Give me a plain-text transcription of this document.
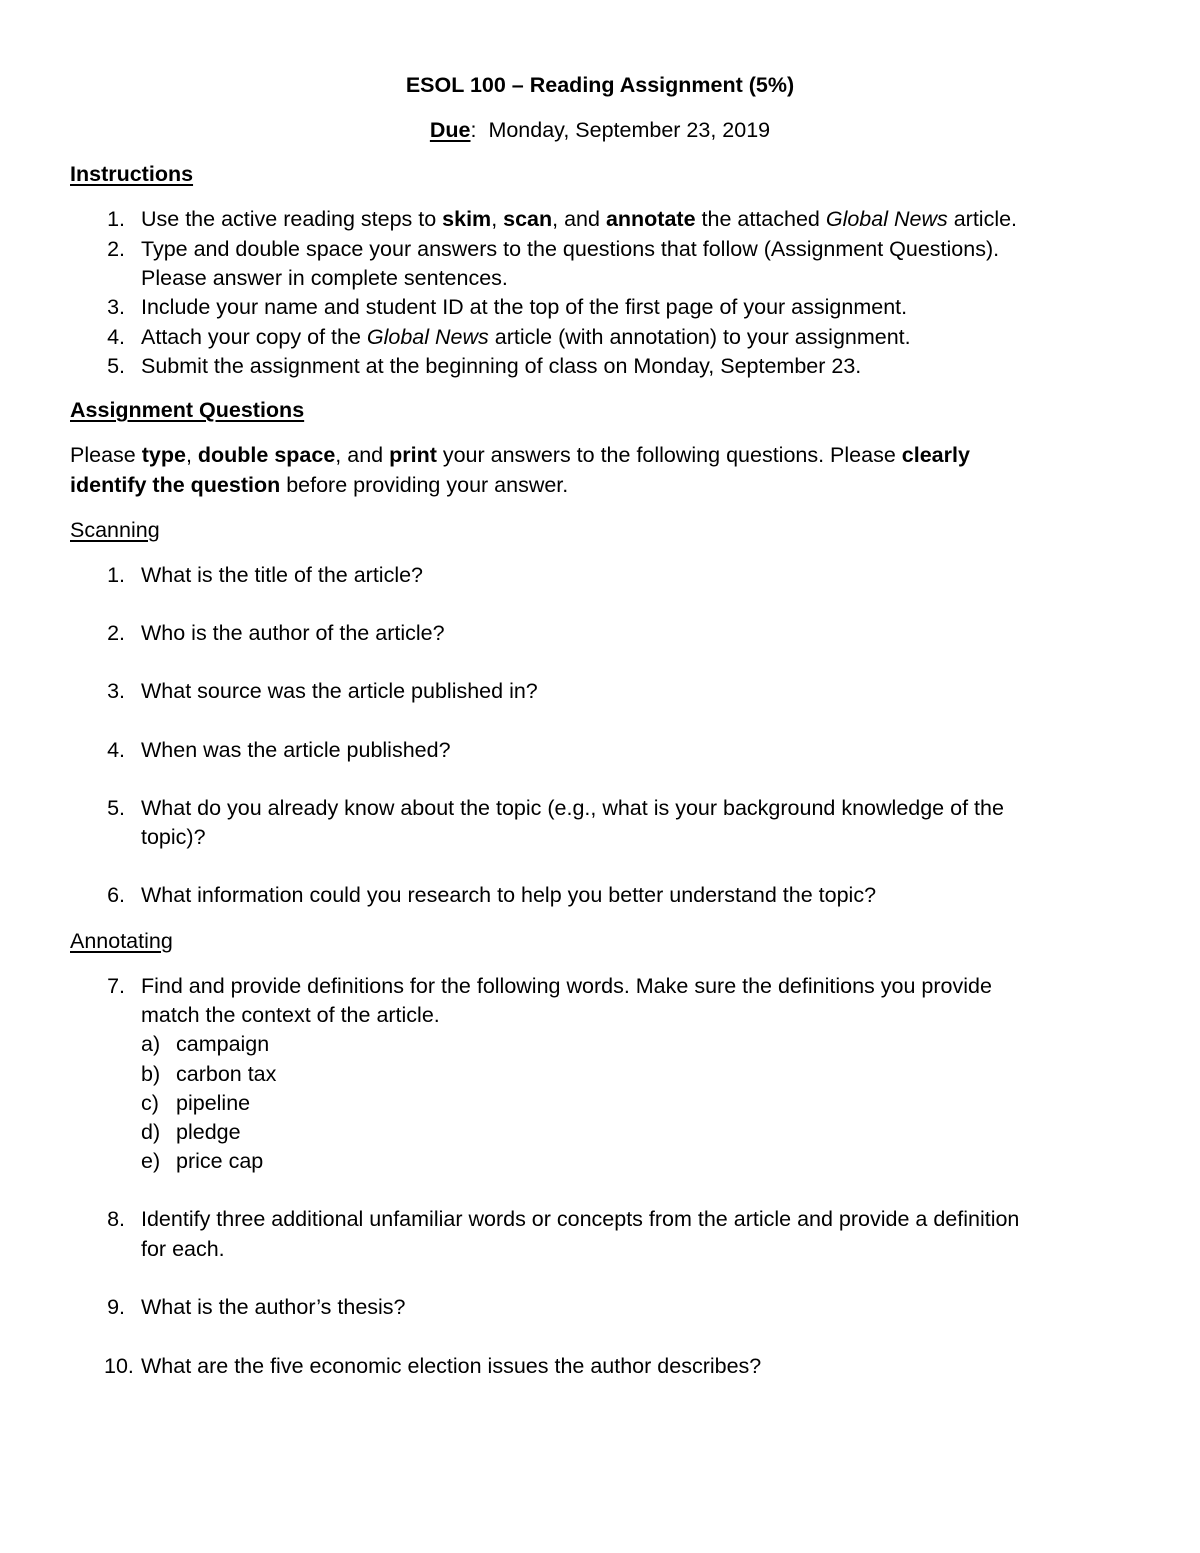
ESOL 100 – Reading Assignment (5%)
Due: Monday, September 23, 2019
Instructions
1. Use the active reading steps to skim, scan, and annotate the attached Global News article.
2. Type and double space your answers to the questions that follow (Assignment Questions).
Please answer in complete sentences.
3. Include your name and student ID at the top of the first page of your assignment.
4. Attach your copy of the Global News article (with annotation) to your assignment.
5. Submit the assignment at the beginning of class on Monday, September 23.
Assignment Questions
Please type, double space, and print your answers to the following questions. Please clearly
identify the question before providing your answer.
Scanning
1. What is the title of the article?
2. Who is the author of the article?
3. What source was the article published in?
4. When was the article published?
5. What do you already know about the topic (e.g., what is your background knowledge of the
topic)?
6. What information could you research to help you better understand the topic?
Annotating
7. Find and provide definitions for the following words. Make sure the definitions you provide
match the context of the article.
a) campaign
b) carbon tax
c) pipeline
d) pledge
e) price cap
8. Identify three additional unfamiliar words or concepts from the article and provide a definition
for each.
9. What is the author’s thesis?
10. What are the five economic election issues the author describes?
